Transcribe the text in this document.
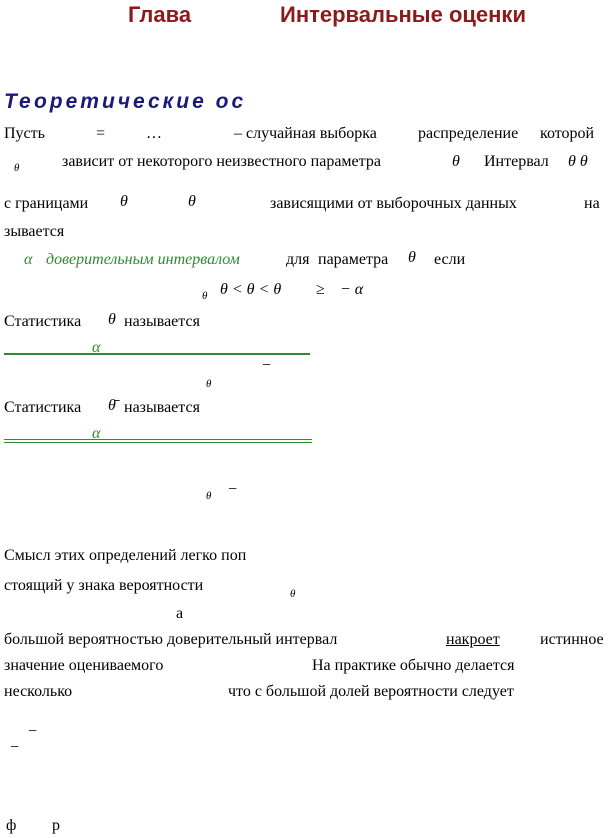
Глава	Интервальные оценки
Теоретические ос
Пусть	=	…	– случайная выборка	распределение которой
θ	зависит от некоторого неизвестного параметра	θ Интервал θ θ
с границами θ	θ	зависящими от выборочных данных	на
зывается
α доверительным интервалом	для параметра θ если
θ θ < θ < θ ≥ − α
Статистика θ называется
α
−
θ
Статистика θ̄ называется
α
θ −
Смысл этих определений легко поп
стоящий у знака вероятности	θ
а
большой вероятностью доверительный интервал	накроет	истинное
значение оцениваемого	На практике обычно делается
несколько	что с большой долей вероятности следует
−
−
ф р
